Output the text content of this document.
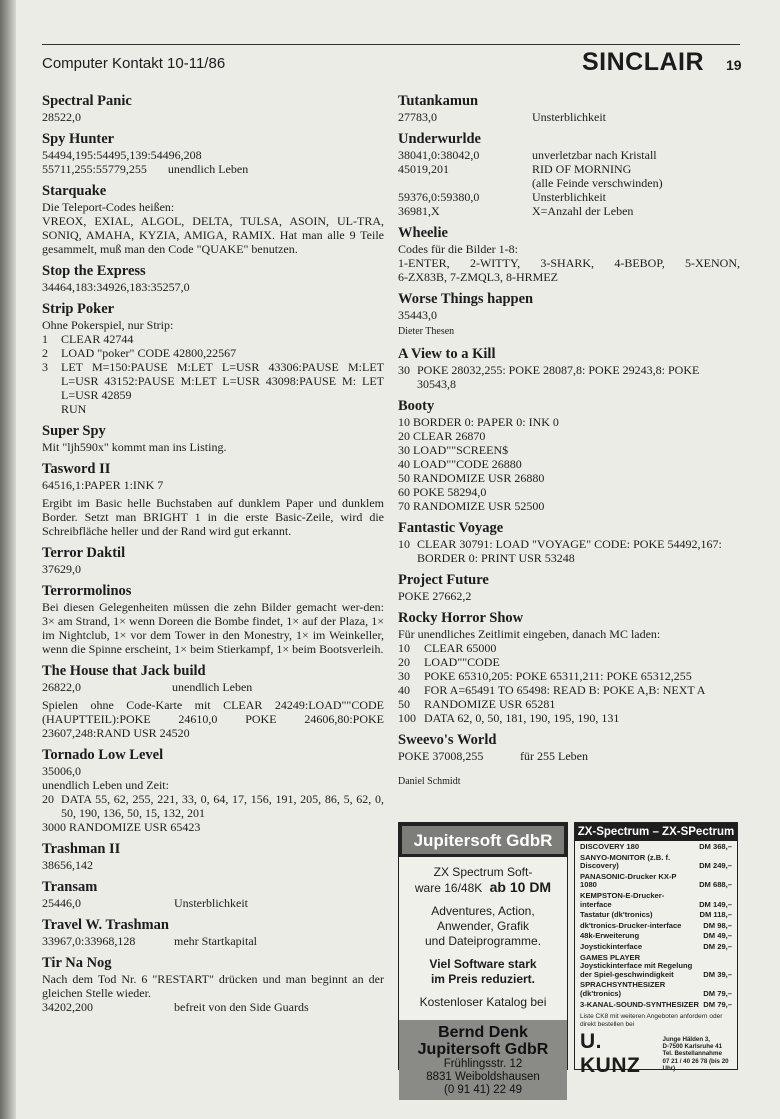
Computer Kontakt 10-11/86	SINCLAIR 19
Spectral Panic

28522,0

Spy Hunter

54494,195:54495,139:54496,208

55711,255:55779,255 unendlich Leben
Starquake

Die Teleport-Codes heißen:

VREOX, EXIAL, ALGOL, DELTA, TULSA, ASOIN, UL-TRA, SONIQ, AMAHA, KYZIA, AMIGA, RAMIX. Hat man alle 9 Teile gesammelt, muß man den Code "QUAKE" benutzen.

Stop the Express

34464,183:34926,183:35257,0

Strip Poker

Ohne Pokerspiel, nur Strip:

1	CLEAR 42744
2	LOAD "poker" CODE 42800,22567
3	LET M=150:PAUSE M:LET L=USR 43306:PAUSE M:LET L=USR 43152:PAUSE M:LET L=USR 43098:PAUSE M: LET L=USR 42859
RUN
Super Spy

Mit "ljh590x" kommt man ins Listing.

Tasword II

64516,1:PAPER 1:INK 7

Ergibt im Basic helle Buchstaben auf dunklem Paper und dunklem Border. Setzt man BRIGHT 1 in die erste Basic-Zeile, wird die Schreibfläche heller und der Rand wird gut erkannt.

Terror Daktil

37629,0

Terrormolinos

Bei diesen Gelegenheiten müssen die zehn Bilder gemacht wer-den: 3× am Strand, 1× wenn Doreen die Bombe findet, 1× auf der Plaza, 1× im Nightclub, 1× vor dem Tower in den Monestry, 1× im Weinkeller, wenn die Spinne erscheint, 1× beim Stierkampf, 1× beim Bootsverleih.

The House that Jack build
26822,0	unendlich Leben

Spielen ohne Code-Karte mit CLEAR 24249:LOAD""CODE (HAUPTTEIL):POKE 24610,0 POKE 24606,80:POKE 23607,248:RAND USR 24520

Tornado Low Level

35006,0

unendlich Leben und Zeit:

20 DATA 55, 62, 255, 221, 33, 0, 64, 17, 156, 191, 205, 86, 5, 62, 0, 50, 190, 136, 50, 15, 132, 201

3000 RANDOMIZE USR 65423

Trashman II

38656,142

Transam
25446,0	Unsterblichkeit
Travel W. Trashman
33967,0:33968,128	mehr Startkapital
Tir Na Nog

Nach dem Tod Nr. 6 "RESTART" drücken und man beginnt an der gleichen Stelle wieder.

34202,200	befreit von den Side Guards
Tutankamun
27783,0	Unsterblichkeit
Underwurlde
38041,0:38042,0	unverletzbar nach Kristall
45019,201	RID OF MORNING
(alle Feinde verschwinden)
59376,0:59380,0	Unsterblichkeit
36981,X	X=Anzahl der Leben
Wheelie

Codes für die Bilder 1-8:

1-ENTER, 2-WITTY, 3-SHARK, 4-BEBOP, 5-XENON,

6-ZX83B, 7-ZMQL3, 8-HRMEZ

Worse Things happen

35443,0

Dieter Thesen

A View to a Kill
30 POKE 28032,255: POKE 28087,8: POKE 29243,8: POKE 30543,8
Booty

10 BORDER 0: PAPER 0: INK 0

20 CLEAR 26870

30 LOAD""SCREEN$

40 LOAD""CODE 26880

50 RANDOMIZE USR 26880

60 POKE 58294,0

70 RANDOMIZE USR 52500

Fantastic Voyage
10 CLEAR 30791: LOAD "VOYAGE" CODE: POKE 54492,167: BORDER 0: PRINT USR 53248
Project Future

POKE 27662,2

Rocky Horror Show

Für unendliches Zeitlimit eingeben, danach MC laden:

10	CLEAR 65000
20	LOAD""CODE
30	POKE 65310,205: POKE 65311,211: POKE 65312,255
40	FOR A=65491 TO 65498: READ B: POKE A,B: NEXT A
50	RANDOMIZE USR 65281
100 DATA 62, 0, 50, 181, 190, 195, 190, 131
Sweevo's World
POKE 37008,255	für 255 Leben

Daniel Schmidt

Jupitersoft GdbR
ZX Spectrum Soft-
ware 16/48K ab 10 DM
Adventures, Action,
Anwender, Grafik
und Dateiprogramme.
Viel Software stark
im Preis reduziert.
Kostenloser Katalog bei
Bernd Denk
Jupitersoft GdbR
Frühlingsstr. 12
8831 Weiboldshausen
(0 91 41) 22 49
ZX-Spectrum – ZX-SPectrum
DISCOVERY 180	DM 368,–
SANYO-MONITOR (z.B. f. Discovery)	DM 249,–
PANASONIC-Drucker KX-P 1080	DM 688,–
KEMPSTON-E-Drucker-interface	DM 149,–
Tastatur (dk'tronics)	DM 118,–
dk'tronics-Drucker-interface	DM 98,–
48k-Erweiterung	DM 49,–
Joystickinterface	DM 29,–
GAMES PLAYER Joystickinterface mit Regelung der Spiel-geschwindigkeit	DM 39,–
SPRACHSYNTHESIZER (dk'tronics)	DM 79,–
3-KANAL-SOUND-SYNTHESIZER DM 79,–
Liste CK8 mit weiteren Angeboten anfordern oder direkt bestellen bei
U. KUNZ
Junge Hälden 3,
D-7500 Karlsruhe 41
Tel. Bestellannahme
07 21 / 40 26 78 (bis 20 Uhr)
